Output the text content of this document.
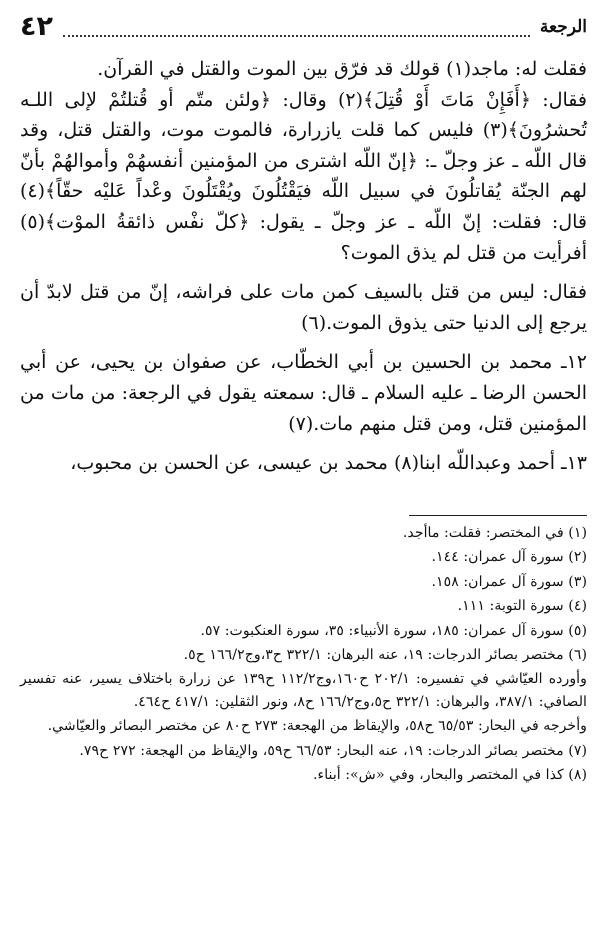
الرجعة
٤٢

فقلت له: ماجد(١) قولك قد فرّق بين الموت والقتل في القرآن.

فقال: ﴿أَفَإِنْ مَاتَ أَوْ قُتِلَ﴾(٢) وقال: ﴿ولئن متّم أو قُتلتُمْ لإلى اللـه تُحشرُونَ﴾(٣) فليس كما قلت يازرارة، فالموت موت، والقتل قتل، وقد قال اللّه ـ عز وجلّ ـ: ﴿إنّ اللّه اشترى من المؤمنين أنفسهُمْ وأموالهُمْ بأنّ لهم الجنّة يُقاتلُونَ في سبيل اللّه فيَقْتُلُونَ ويُقْتَلُونَ وعْداً عَليْه حقّاً﴾(٤) قال: فقلت: إنّ اللّه ـ عز وجلّ ـ يقول: ﴿كلّ نفْس ذائقةُ الموْت﴾(٥) أفرأيت من قتل لم يذق الموت؟

فقال: ليس من قتل بالسيف كمن مات على فراشه، إنّ من قتل لابدّ أن يرجع إلى الدنيا حتى يذوق الموت.(٦)

١٢ـ محمد بن الحسين بن أبي الخطّاب، عن صفوان بن يحيى، عن أبي الحسن الرضا ـ عليه السلام ـ قال: سمعته يقول في الرجعة: من مات من المؤمنين قتل، ومن قتل منهم مات.(٧)

١٣ـ أحمد وعبداللّه ابنا(٨) محمد بن عيسى، عن الحسن بن محبوب،

(١) في المختصر: فقلت: ماأجد.

(٢) سورة آل عمران: ١٤٤.

(٣) سورة آل عمران: ١٥٨.

(٤) سورة التوبة: ١١١.

(٥) سورة آل عمران: ١٨٥، سورة الأنبياء: ٣٥، سورة العنكبوت: ٥٧.

(٦) مختصر بصائر الدرجات: ١٩، عنه البرهان: ٣٢٢/١ ح٣،وج١٦٦/٢ ح٥.

وأورده العيّاشي في تفسيره: ٢٠٢/١ ح١٦٠،وج١١٢/٢ ح١٣٩ عن زرارة باختلاف يسير، عنه تفسير الصافي: ٣٨٧/١، والبرهان: ٣٢٢/١ ح٥،وج١٦٦/٢ ح٨، ونور الثقلين: ٤١٧/١ ح٤٦٤.

وأخرجه في البحار: ٦٥/٥٣ ح٥٨، والإيقاظ من الهجعة: ٢٧٣ ح٨٠ عن مختصر البصائر والعيّاشي.

(٧) مختصر بصائر الدرجات: ١٩، عنه البحار: ٦٦/٥٣ ح٥٩، والإيقاظ من الهجعة: ٢٧٢ ح٧٩.

(٨) كذا في المختصر والبحار، وفي «ش»: أبناء.
